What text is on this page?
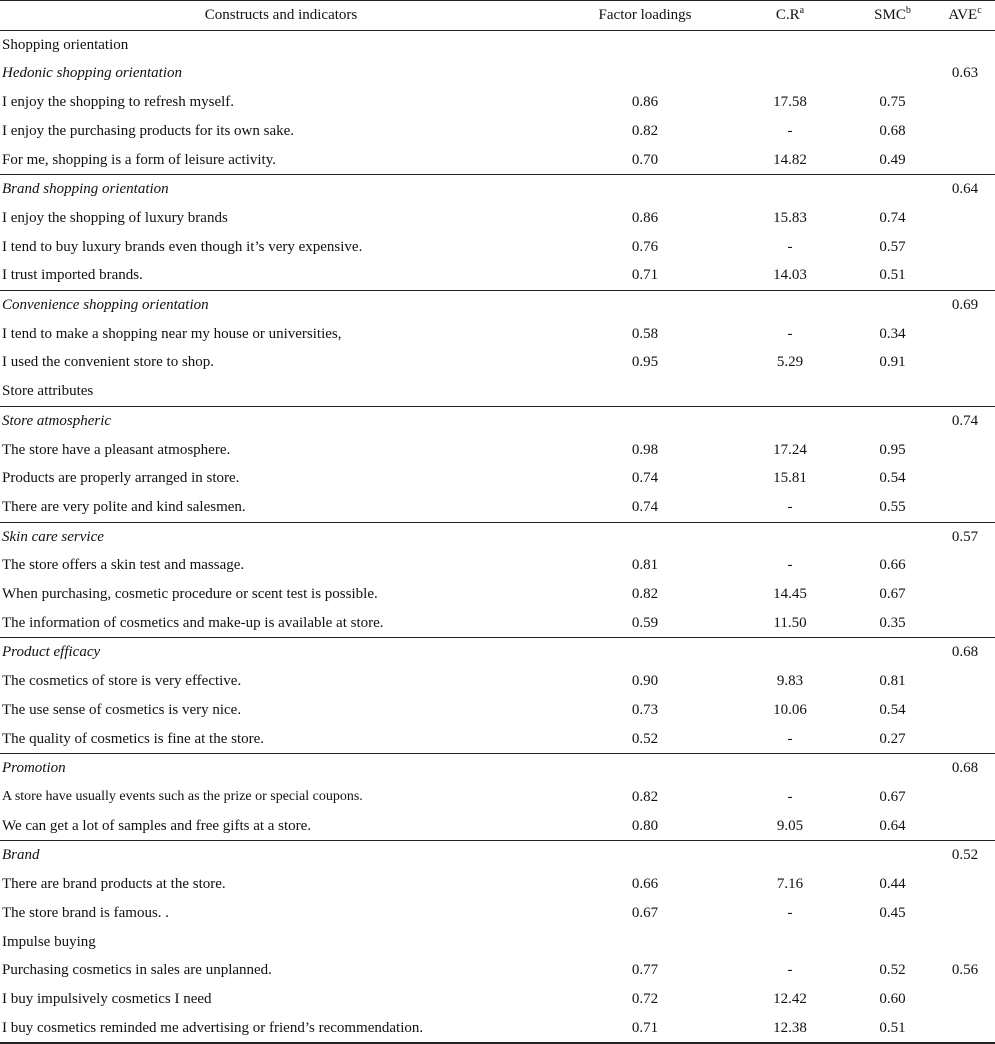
Constructs and indicators	Factor loadings	$C.R^a$	SMC$^b$	AVE$^c$
Shopping orientation				
Hedonic shopping orientation				0.63
I enjoy the shopping to refresh myself.	0.86	17.58	0.75	
I enjoy the purchasing products for its own sake.	0.82	-	0.68	
For me, shopping is a form of leisure activity.	0.70	14.82	0.49	
Brand shopping orientation				0.64
I enjoy the shopping of luxury brands	0.86	15.83	0.74	
I tend to buy luxury brands even though it’s very expensive.	0.76	-	0.57	
I trust imported brands.	0.71	14.03	0.51	
Convenience shopping orientation				0.69
I tend to make a shopping near my house or universities,	0.58	-	0.34	
I used the convenient store to shop.	0.95	5.29	0.91	
Store attributes				
Store atmospheric				0.74
The store have a pleasant atmosphere.	0.98	17.24	0.95	
Products are properly arranged in store.	0.74	15.81	0.54	
There are very polite and kind salesmen.	0.74	-	0.55	
Skin care service				0.57
The store offers a skin test and massage.	0.81	-	0.66	
When purchasing, cosmetic procedure or scent test is possible.	0.82	14.45	0.67	
The information of cosmetics and make-up is available at store.	0.59	11.50	0.35	
Product efficacy				0.68
The cosmetics of store is very effective.	0.90	9.83	0.81	
The use sense of cosmetics is very nice.	0.73	10.06	0.54	
The quality of cosmetics is fine at the store.	0.52	-	0.27	
Promotion				0.68
A store have usually events such as the prize or special coupons.	0.82	-	0.67	
We can get a lot of samples and free gifts at a store.	0.80	9.05	0.64	
Brand				0.52
There are brand products at the store.	0.66	7.16	0.44	
The store brand is famous. .	0.67	-	0.45	
Impulse buying				
Purchasing cosmetics in sales are unplanned.	0.77	-	0.52	0.56
I buy impulsively cosmetics I need	0.72	12.42	0.60	
I buy cosmetics reminded me advertising or friend’s recommendation.	0.71	12.38	0.51	
